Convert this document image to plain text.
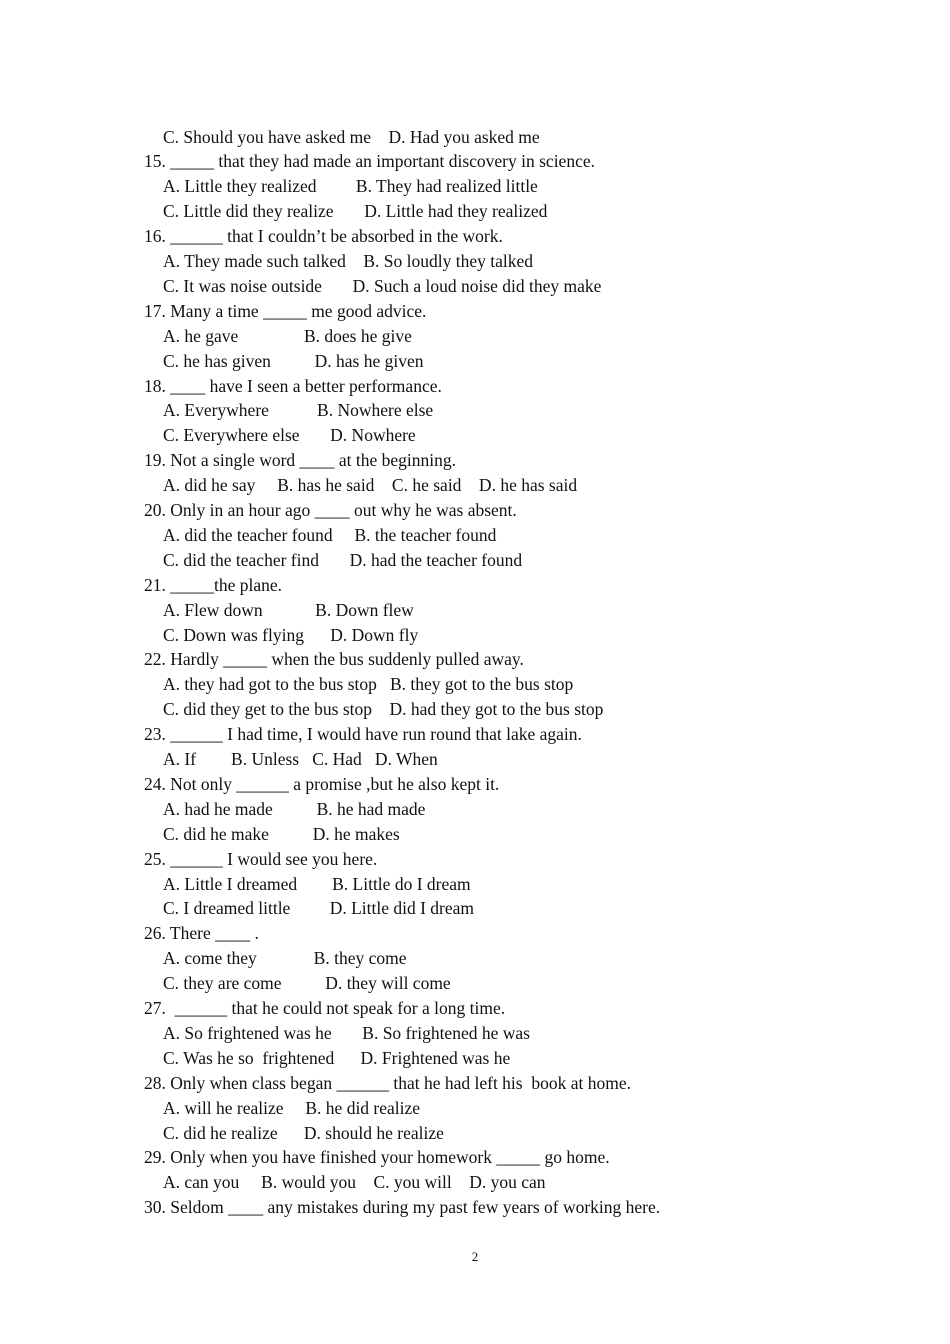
C. Should you have asked me    D. Had you asked me
15. _____ that they had made an important discovery in science.
A. Little they realized         B. They had realized little
C. Little did they realize       D. Little had they realized
16. ______ that I couldn’t be absorbed in the work.
A. They made such talked    B. So loudly they talked
C. It was noise outside       D. Such a loud noise did they make
17. Many a time _____ me good advice.
A. he gave               B. does he give
C. he has given          D. has he given
18. ____ have I seen a better performance.
A. Everywhere           B. Nowhere else
C. Everywhere else       D. Nowhere
19. Not a single word ____ at the beginning.
A. did he say     B. has he said    C. he said    D. he has said
20. Only in an hour ago ____ out why he was absent.
A. did the teacher found     B. the teacher found
C. did the teacher find       D. had the teacher found
21. _____the plane.
A. Flew down            B. Down flew
C. Down was flying      D. Down fly
22. Hardly _____ when the bus suddenly pulled away.
A. they had got to the bus stop   B. they got to the bus stop
C. did they get to the bus stop    D. had they got to the bus stop
23. ______ I had time, I would have run round that lake again.
A. If        B. Unless   C. Had   D. When
24. Not only ______ a promise ,but he also kept it.
A. had he made          B. he had made
C. did he make          D. he makes
25. ______ I would see you here.
A. Little I dreamed        B. Little do I dream
C. I dreamed little         D. Little did I dream
26. There ____ .
A. come they             B. they come
C. they are come          D. they will come
27.  ______ that he could not speak for a long time.
A. So frightened was he       B. So frightened he was
C. Was he so  frightened      D. Frightened was he
28. Only when class began ______ that he had left his  book at home.
A. will he realize     B. he did realize
C. did he realize      D. should he realize
29. Only when you have finished your homework _____ go home.
A. can you     B. would you    C. you will    D. you can
30. Seldom ____ any mistakes during my past few years of working here.
2
